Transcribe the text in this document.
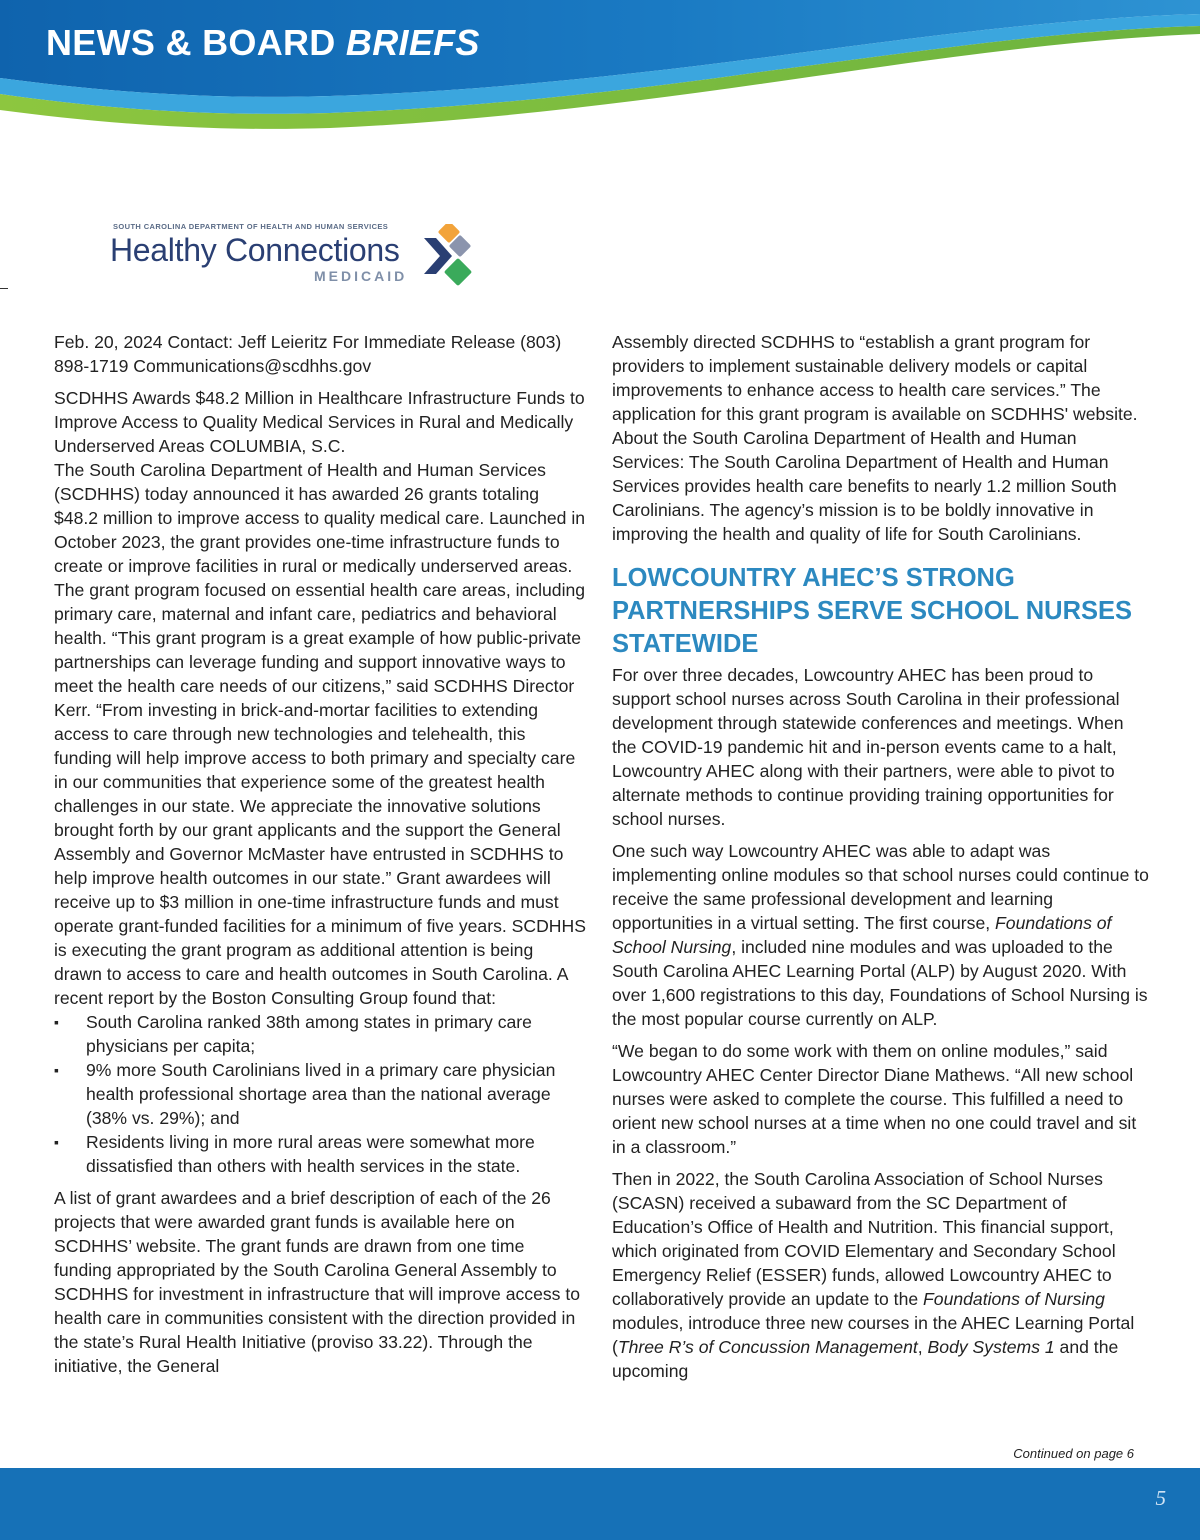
NEWS & BOARD BRIEFS
SOUTH CAROLINA DEPARTMENT OF HEALTH AND HUMAN SERVICES
Healthy Connections
MEDICAID

Feb. 20, 2024 Contact: Jeff Leieritz For Immediate Release (803) 898-1719 Communications@scdhhs.gov

SCDHHS Awards $48.2 Million in Healthcare Infrastructure Funds to Improve Access to Quality Medical Services in Rural and Medically Underserved Areas COLUMBIA, S.C.

The South Carolina Department of Health and Human Services (SCDHHS) today announced it has awarded 26 grants totaling $48.2 million to improve access to quality medical care. Launched in October 2023, the grant provides one-time infrastructure funds to create or improve facilities in rural or medically underserved areas. The grant program focused on essential health care areas, including primary care, maternal and infant care, pediatrics and behavioral health. “This grant program is a great example of how public-private partnerships can leverage funding and support innovative ways to meet the health care needs of our citizens,” said SCDHHS Director Kerr. “From investing in brick-and-mortar facilities to extending access to care through new technologies and telehealth, this funding will help improve access to both primary and specialty care in our communities that experience some of the greatest health challenges in our state. We appreciate the innovative solutions brought forth by our grant applicants and the support the General Assembly and Governor McMaster have entrusted in SCDHHS to help improve health outcomes in our state.” Grant awardees will receive up to $3 million in one-time infrastructure funds and must operate grant-funded facilities for a minimum of five years. SCDHHS is executing the grant program as additional attention is being drawn to access to care and health outcomes in South Carolina. A recent report by the Boston Consulting Group found that:

▪ South Carolina ranked 38th among states in primary care physicians per capita;
▪ 9% more South Carolinians lived in a primary care physician health professional shortage area than the national average (38% vs. 29%); and
▪ Residents living in more rural areas were somewhat more dissatisfied than others with health services in the state.

A list of grant awardees and a brief description of each of the 26 projects that were awarded grant funds is available here on SCDHHS’ website. The grant funds are drawn from one time funding appropriated by the South Carolina General Assembly to SCDHHS for investment in infrastructure that will improve access to health care in communities consistent with the direction provided in the state’s Rural Health Initiative (proviso 33.22). Through the initiative, the General

Assembly directed SCDHHS to “establish a grant program for providers to implement sustainable delivery models or capital improvements to enhance access to health care services.” The application for this grant program is available on SCDHHS' website. About the South Carolina Department of Health and Human Services: The South Carolina Department of Health and Human Services provides health care benefits to nearly 1.2 million South Carolinians. The agency’s mission is to be boldly innovative in improving the health and quality of life for South Carolinians.

LOWCOUNTRY AHEC’S STRONG PARTNERSHIPS SERVE SCHOOL NURSES STATEWIDE

For over three decades, Lowcountry AHEC has been proud to support school nurses across South Carolina in their professional development through statewide conferences and meetings. When the COVID-19 pandemic hit and in-person events came to a halt, Lowcountry AHEC along with their partners, were able to pivot to alternate methods to continue providing training opportunities for school nurses.

One such way Lowcountry AHEC was able to adapt was implementing online modules so that school nurses could continue to receive the same professional development and learning opportunities in a virtual setting. The first course, Foundations of School Nursing, included nine modules and was uploaded to the South Carolina AHEC Learning Portal (ALP) by August 2020. With over 1,600 registrations to this day, Foundations of School Nursing is the most popular course currently on ALP.

“We began to do some work with them on online modules,” said Lowcountry AHEC Center Director Diane Mathews. “All new school nurses were asked to complete the course. This fulfilled a need to orient new school nurses at a time when no one could travel and sit in a classroom.”

Then in 2022, the South Carolina Association of School Nurses (SCASN) received a subaward from the SC Department of Education’s Office of Health and Nutrition. This financial support, which originated from COVID Elementary and Secondary School Emergency Relief (ESSER) funds, allowed Lowcountry AHEC to collaboratively provide an update to the Foundations of Nursing modules, introduce three new courses in the AHEC Learning Portal (Three R’s of Concussion Management, Body Systems 1 and the upcoming

Continued on page 6
5
